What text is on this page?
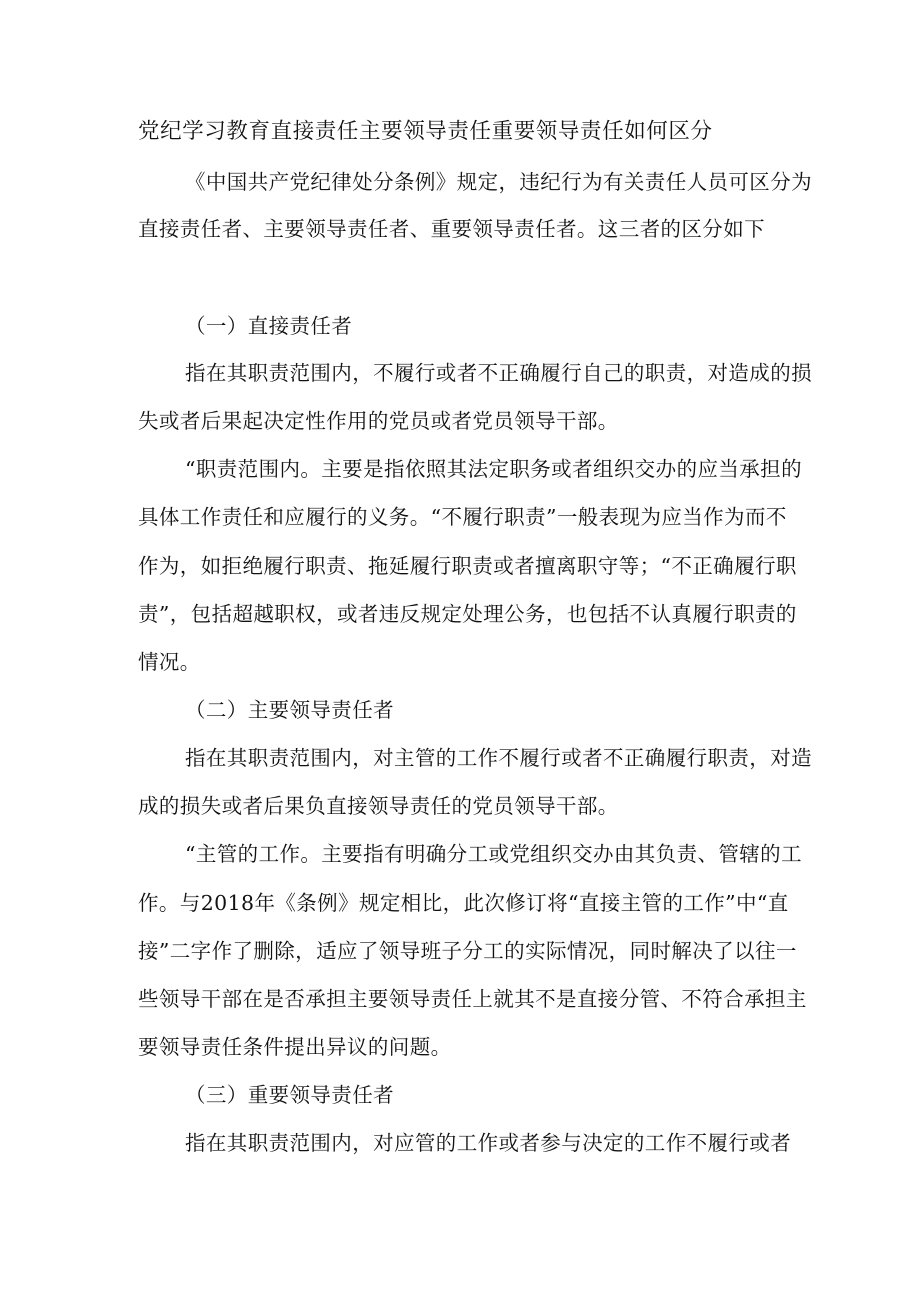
党纪学习教育直接责任主要领导责任重要领导责任如何区分
《中国共产党纪律处分条例》规定，违纪行为有关责任人员可区分为
直接责任者、主要领导责任者、重要领导责任者。这三者的区分如下
（一）直接责任者
指在其职责范围内，不履行或者不正确履行自己的职责，对造成的损
失或者后果起决定性作用的党员或者党员领导干部。
“职责范围内。主要是指依照其法定职务或者组织交办的应当承担的
具体工作责任和应履行的义务。“不履行职责”一般表现为应当作为而不
作为，如拒绝履行职责、拖延履行职责或者擅离职守等；“不正确履行职
责”，包括超越职权，或者违反规定处理公务，也包括不认真履行职责的
情况。
（二）主要领导责任者
指在其职责范围内，对主管的工作不履行或者不正确履行职责，对造
成的损失或者后果负直接领导责任的党员领导干部。
“主管的工作。主要指有明确分工或党组织交办由其负责、管辖的工
作。与2018年《条例》规定相比，此次修订将“直接主管的工作”中“直
接”二字作了删除，适应了领导班子分工的实际情况，同时解决了以往一
些领导干部在是否承担主要领导责任上就其不是直接分管、不符合承担主
要领导责任条件提出异议的问题。
（三）重要领导责任者
指在其职责范围内，对应管的工作或者参与决定的工作不履行或者
